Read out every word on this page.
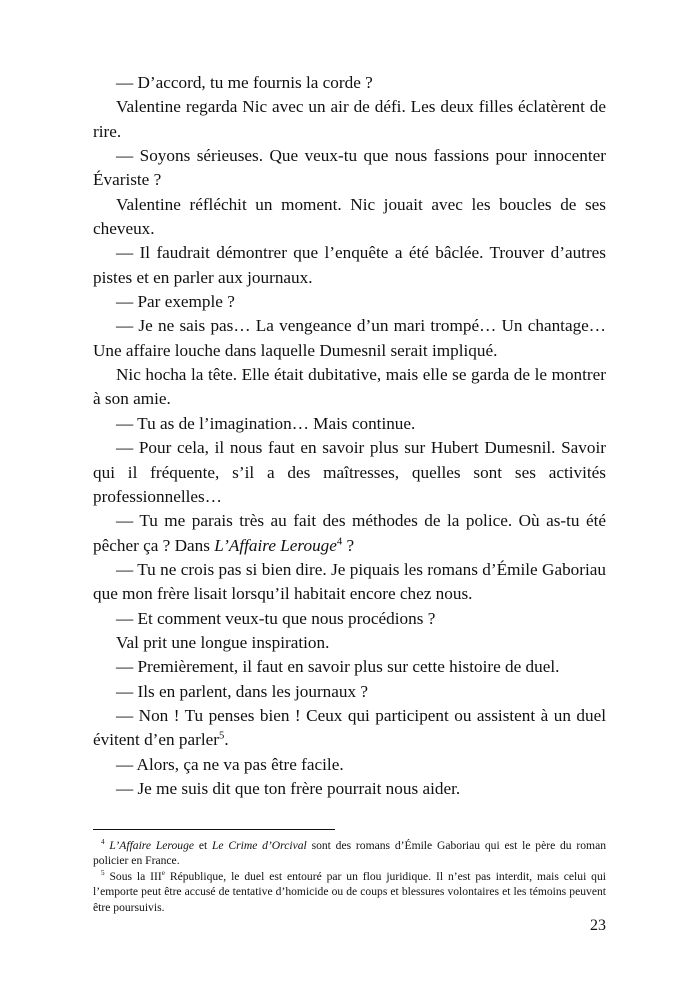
— D’accord, tu me fournis la corde ?

Valentine regarda Nic avec un air de défi. Les deux filles éclatèrent de rire.

— Soyons sérieuses. Que veux-tu que nous fassions pour innocenter Évariste ?

Valentine réfléchit un moment. Nic jouait avec les boucles de ses cheveux.

— Il faudrait démontrer que l’enquête a été bâclée. Trouver d’autres pistes et en parler aux journaux.

— Par exemple ?

— Je ne sais pas… La vengeance d’un mari trompé… Un chantage… Une affaire louche dans laquelle Dumesnil serait impliqué.

Nic hocha la tête. Elle était dubitative, mais elle se garda de le montrer à son amie.

— Tu as de l’imagination… Mais continue.

— Pour cela, il nous faut en savoir plus sur Hubert Dumesnil. Savoir qui il fréquente, s’il a des maîtresses, quelles sont ses activités professionnelles…

— Tu me parais très au fait des méthodes de la police. Où as-tu été pêcher ça ? Dans L’Affaire Lerouge$^4$ ?

— Tu ne crois pas si bien dire. Je piquais les romans d’Émile Gaboriau que mon frère lisait lorsqu’il habitait encore chez nous.

— Et comment veux-tu que nous procédions ?

Val prit une longue inspiration.

— Premièrement, il faut en savoir plus sur cette histoire de duel.

— Ils en parlent, dans les journaux ?

— Non ! Tu penses bien ! Ceux qui participent ou assistent à un duel évitent d’en parler$^5$.

— Alors, ça ne va pas être facile.

— Je me suis dit que ton frère pourrait nous aider.

$^4$ L’Affaire Lerouge et Le Crime d’Orcival sont des romans d’Émile Gaboriau qui est le père du roman policier en France.

$^5$ Sous la IIIe République, le duel est entouré par un flou juridique. Il n’est pas interdit, mais celui qui l’emporte peut être accusé de tentative d’homicide ou de coups et blessures volontaires et les témoins peuvent être poursuivis.

23
